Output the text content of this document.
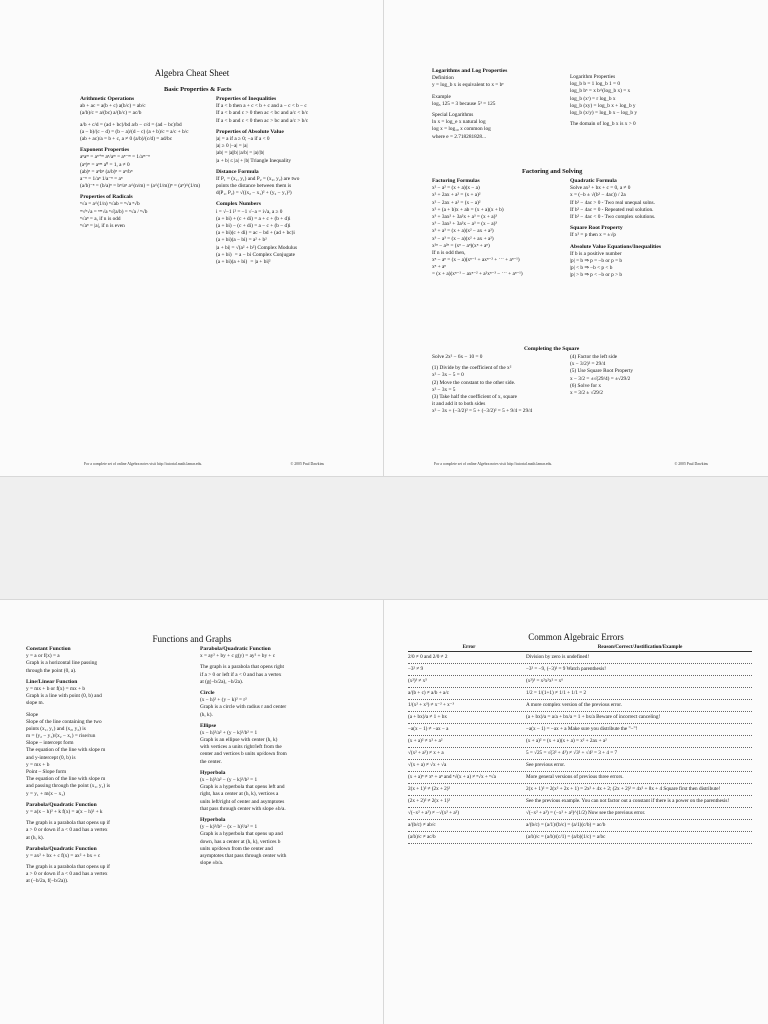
Algebra Cheat Sheet
Basic Properties & Facts
Arithmetic Operations
ab + ac = a(b + c) a(b/c) = ab/c
(a/b)/c = a/(bc) a/(b/c) = ac/b
a/b + c/d = (ad + bc)/bd a/b − c/d = (ad − bc)/bd
(a − b)/(c − d) = (b − a)/(d − c) (a + b)/c = a/c + b/c
(ab + ac)/a = b + c, a ≠ 0 (a/b)/(c/d) = ad/bc
Exponent Properties
aⁿaᵐ = aⁿ⁺ᵐ aⁿ/aᵐ = aⁿ⁻ᵐ = 1/aᵐ⁻ⁿ
(aⁿ)ᵐ = aⁿᵐ a⁰ = 1, a ≠ 0
(ab)ⁿ = aⁿbⁿ (a/b)ⁿ = aⁿ/bⁿ
a⁻ⁿ = 1/aⁿ 1/a⁻ⁿ = aⁿ
(a/b)⁻ⁿ = (b/a)ⁿ = bⁿ/aⁿ a^(n/m) = (a^(1/m))ⁿ = (aⁿ)^(1/m)
Properties of Radicals
ⁿ√a = a^(1/n) ⁿ√ab = ⁿ√a ⁿ√b
ᵐ√ⁿ√a = ⁿᵐ√a ⁿ√(a/b) = ⁿ√a / ⁿ√b
ⁿ√aⁿ = a, if n is odd
ⁿ√aⁿ = |a|, if n is even
Properties of Inequalities
If a < b then a + c < b + c and a − c < b − c
If a < b and c > 0 then ac < bc and a/c < b/c
If a < b and c < 0 then ac > bc and a/c > b/c
Properties of Absolute Value
|a| = a if a ≥ 0; −a if a < 0
|a| ≥ 0 |−a| = |a|
|ab| = |a||b| |a/b| = |a|/|b|
|a + b| ≤ |a| + |b| Triangle Inequality
Distance Formula
If P₁ = (x₁, y₁) and P₂ = (x₂, y₂) are two
points the distance between them is
d(P₁, P₂) = √((x₂ − x₁)² + (y₂ − y₁)²)
Complex Numbers
i = √−1 i² = −1 √−a = i√a, a ≥ 0
(a + bi) + (c + di) = a + c + (b + d)i
(a + bi) − (c + di) = a − c + (b − d)i
(a + bi)(c + di) = ac − bd + (ad + bc)i
(a + bi)(a − bi) = a² + b²
|a + bi| = √(a² + b²) Complex Modulus
(a + bi)‾ = a − bi Complex Conjugate
(a + bi)(a + bi)‾ = |a + bi|²
For a complete set of online Algebra notes visit http://tutorial.math.lamar.edu.	© 2005 Paul Dawkins
Logarithms and Log Properties
Definition
y = log_b x is equivalent to x = bʸ
Example
log₅ 125 = 3 because 5³ = 125
Special Logarithms
ln x = log_e x natural log
log x = log₁₀ x common log
where e = 2.718281828...
Logarithm Properties
log_b b = 1 log_b 1 = 0
log_b bˣ = x b^(log_b x) = x
log_b (xʳ) = r log_b x
log_b (xy) = log_b x + log_b y
log_b (x/y) = log_b x − log_b y
The domain of log_b x is x > 0
Factoring and Solving
Factoring Formulas
x² − a² = (x + a)(x − a)
x² + 2ax + a² = (x + a)²
x² − 2ax + a² = (x − a)²
x² + (a + b)x + ab = (x + a)(x + b)
x³ + 3ax² + 3a²x + a³ = (x + a)³
x³ − 3ax² + 3a²x − a³ = (x − a)³
x³ + a³ = (x + a)(x² − ax + a²)
x³ − a³ = (x − a)(x² + ax + a²)
x²ⁿ − a²ⁿ = (xⁿ − aⁿ)(xⁿ + aⁿ)
If n is odd then,
xⁿ − aⁿ = (x − a)(xⁿ⁻¹ + axⁿ⁻² + ⋯ + aⁿ⁻¹)
xⁿ + aⁿ
= (x + a)(xⁿ⁻¹ − axⁿ⁻² + a²xⁿ⁻³ − ⋯ + aⁿ⁻¹)
Quadratic Formula
Solve ax² + bx + c = 0, a ≠ 0
x = (−b ± √(b² − 4ac)) / 2a
If b² − 4ac > 0 - Two real unequal solns.
If b² − 4ac = 0 - Repeated real solution.
If b² − 4ac < 0 - Two complex solutions.
Square Root Property
If x² = p then x = ±√p
Absolute Value Equations/Inequalities
If b is a positive number
|p| = b ⇒ p = −b or p = b
|p| < b ⇒ −b < p < b
|p| > b ⇒ p < −b or p > b
Completing the Square
Solve 2x² − 6x − 10 = 0
(1) Divide by the coefficient of the x²
x² − 3x − 5 = 0
(2) Move the constant to the other side.
x² − 3x = 5
(3) Take half the coefficient of x, square
it and add it to both sides
x² − 3x + (−3/2)² = 5 + (−3/2)² = 5 + 9/4 = 29/4
(4) Factor the left side
(x − 3/2)² = 29/4
(5) Use Square Root Property
x − 3/2 = ±√(29/4) = ±√29/2
(6) Solve for x
x = 3/2 ± √29/2
For a complete set of online Algebra notes visit http://tutorial.math.lamar.edu.	© 2005 Paul Dawkins
Functions and Graphs
Constant Function
y = a or f(x) = a
Graph is a horizontal line passing
through the point (0, a).
Line/Linear Function
y = mx + b or f(x) = mx + b
Graph is a line with point (0, b) and
slope m.
Slope
Slope of the line containing the two
points (x₁, y₁) and (x₂, y₂) is
m = (y₂ − y₁)/(x₂ − x₁) = rise/run
Slope – intercept form
The equation of the line with slope m
and y-intercept (0, b) is
y = mx + b
Point – Slope form
The equation of the line with slope m
and passing through the point (x₁, y₁) is
y = y₁ + m(x − x₁)
Parabola/Quadratic Function
y = a(x − h)² + k f(x) = a(x − h)² + k
The graph is a parabola that opens up if
a > 0 or down if a < 0 and has a vertex
at (h, k).
Parabola/Quadratic Function
y = ax² + bx + c f(x) = ax² + bx + c
The graph is a parabola that opens up if
a > 0 or down if a < 0 and has a vertex
at (−b/2a, f(−b/2a)).
Parabola/Quadratic Function
x = ay² + by + c g(y) = ay² + by + c
The graph is a parabola that opens right
if a > 0 or left if a < 0 and has a vertex
at (g(−b/2a), −b/2a).
Circle
(x − h)² + (y − k)² = r²
Graph is a circle with radius r and center
(h, k).
Ellipse
(x − h)²/a² + (y − k)²/b² = 1
Graph is an ellipse with center (h, k)
with vertices a units right/left from the
center and vertices b units up/down from
the center.
Hyperbola
(x − h)²/a² − (y − k)²/b² = 1
Graph is a hyperbola that opens left and
right, has a center at (h, k), vertices a
units left/right of center and asymptotes
that pass through center with slope ±b/a.
Hyperbola
(y − k)²/b² − (x − h)²/a² = 1
Graph is a hyperbola that opens up and
down, has a center at (h, k), vertices b
units up/down from the center and
asymptotes that pass through center with
slope ±b/a.
Common Algebraic Errors
Error	Reason/Correct/Justification/Example
2/0 ≠ 0 and 2/0 ≠ 2	Division by zero is undefined!
−3² ≠ 9	−3² = −9, (−3)² = 9 Watch parenthesis!
(x²)³ ≠ x⁵	(x²)³ = x²x²x² = x⁶
a/(b + c) ≠ a/b + a/c	1/2 = 1/(1+1) ≠ 1/1 + 1/1 = 2
1/(x² + x³) ≠ x⁻² + x⁻³	A more complex version of the previous error.
(a + bx)/a ≠ 1 + bx	(a + bx)/a = a/a + bx/a = 1 + bx/a Beware of incorrect canceling!
−a(x − 1) ≠ −ax − a	−a(x − 1) = −ax + a Make sure you distribute the "−"!
(x + a)² ≠ x² + a²	(x + a)² = (x + a)(x + a) = x² + 2ax + a²
√(x² + a²) ≠ x + a	5 = √25 = √(3² + 4²) ≠ √3² + √4² = 3 + 4 = 7
√(x + a) ≠ √x + √a	See previous error.
(x + a)ⁿ ≠ xⁿ + aⁿ and ⁿ√(x + a) ≠ ⁿ√x + ⁿ√a	More general versions of previous three errors.
2(x + 1)² ≠ (2x + 2)²	2(x + 1)² = 2(x² + 2x + 1) = 2x² + 4x + 2; (2x + 2)² = 4x² + 8x + 4 Square first then distribute!
(2x + 2)² ≠ 2(x + 1)²	See the previous example. You can not factor out a constant if there is a power on the parenthesis!
√(−x² + a²) ≠ −√(x² + a²)	√(−x² + a²) = (−x² + a²)^(1/2) Now see the previous error.
a/(b/c) ≠ ab/c	a/(b/c) = (a/1)/(b/c) = (a/1)(c/b) = ac/b
(a/b)/c ≠ ac/b	(a/b)/c = (a/b)/(c/1) = (a/b)(1/c) = a/bc
